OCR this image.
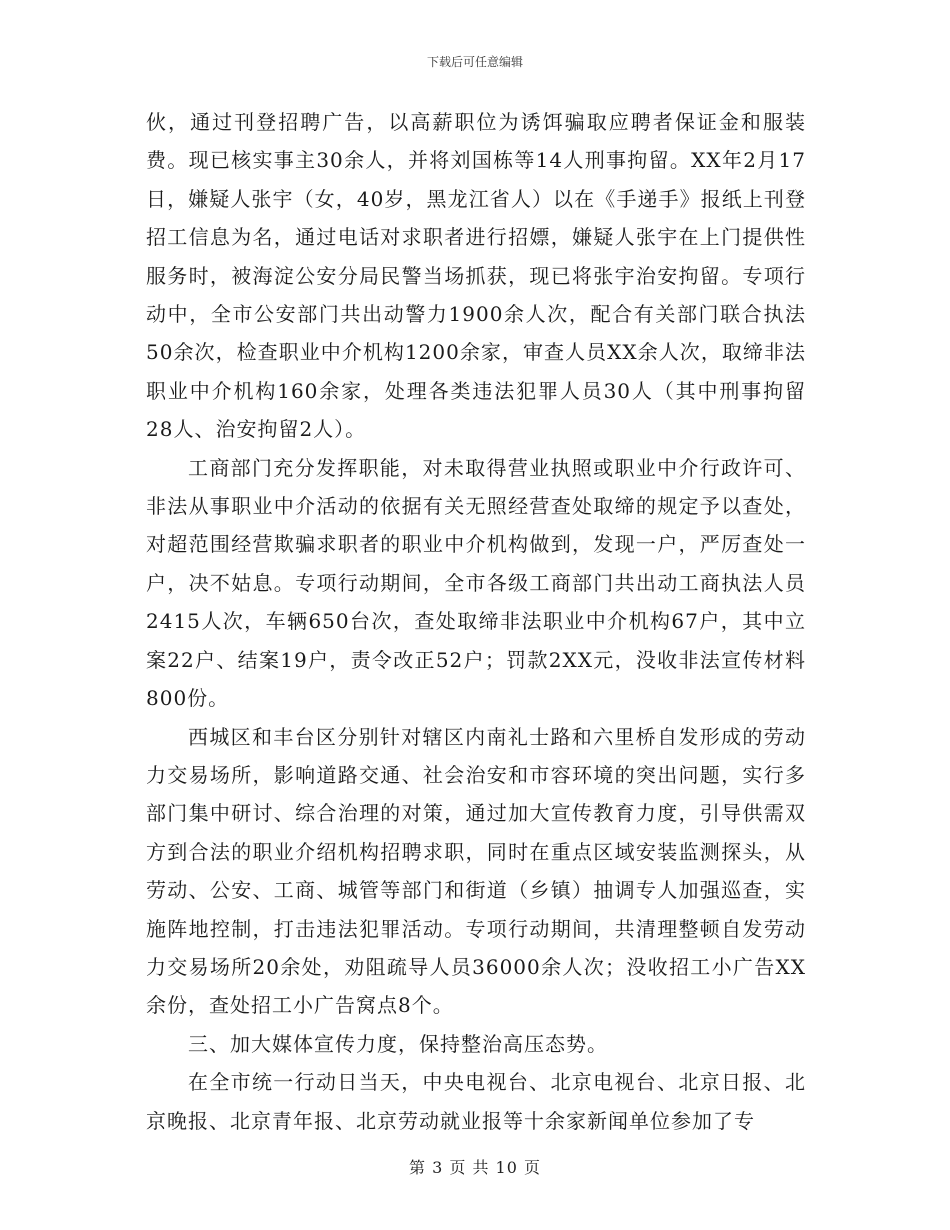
下载后可任意编辑

伙，通过刊登招聘广告，以高薪职位为诱饵骗取应聘者保证金和服装费。现已核实事主30余人，并将刘国栋等14人刑事拘留。XX年2月17日，嫌疑人张宇（女，40岁，黑龙江省人）以在《手递手》报纸上刊登招工信息为名，通过电话对求职者进行招嫖，嫌疑人张宇在上门提供性服务时，被海淀公安分局民警当场抓获，现已将张宇治安拘留。专项行动中，全市公安部门共出动警力1900余人次，配合有关部门联合执法50余次，检查职业中介机构1200余家，审查人员XX余人次，取缔非法职业中介机构160余家，处理各类违法犯罪人员30人（其中刑事拘留28人、治安拘留2人）。

工商部门充分发挥职能，对未取得营业执照或职业中介行政许可、非法从事职业中介活动的依据有关无照经营查处取缔的规定予以查处，对超范围经营欺骗求职者的职业中介机构做到，发现一户，严厉查处一户，决不姑息。专项行动期间，全市各级工商部门共出动工商执法人员2415人次，车辆650台次，查处取缔非法职业中介机构67户，其中立案22户、结案19户，责令改正52户；罚款2XX元，没收非法宣传材料800份。

西城区和丰台区分别针对辖区内南礼士路和六里桥自发形成的劳动力交易场所，影响道路交通、社会治安和市容环境的突出问题，实行多部门集中研讨、综合治理的对策，通过加大宣传教育力度，引导供需双方到合法的职业介绍机构招聘求职，同时在重点区域安装监测探头，从劳动、公安、工商、城管等部门和街道（乡镇）抽调专人加强巡查，实施阵地控制，打击违法犯罪活动。专项行动期间，共清理整顿自发劳动力交易场所20余处，劝阻疏导人员36000余人次；没收招工小广告XX余份，查处招工小广告窝点8个。

三、加大媒体宣传力度，保持整治高压态势。

在全市统一行动日当天，中央电视台、北京电视台、北京日报、北京晚报、北京青年报、北京劳动就业报等十余家新闻单位参加了专

第 3 页 共 10 页
